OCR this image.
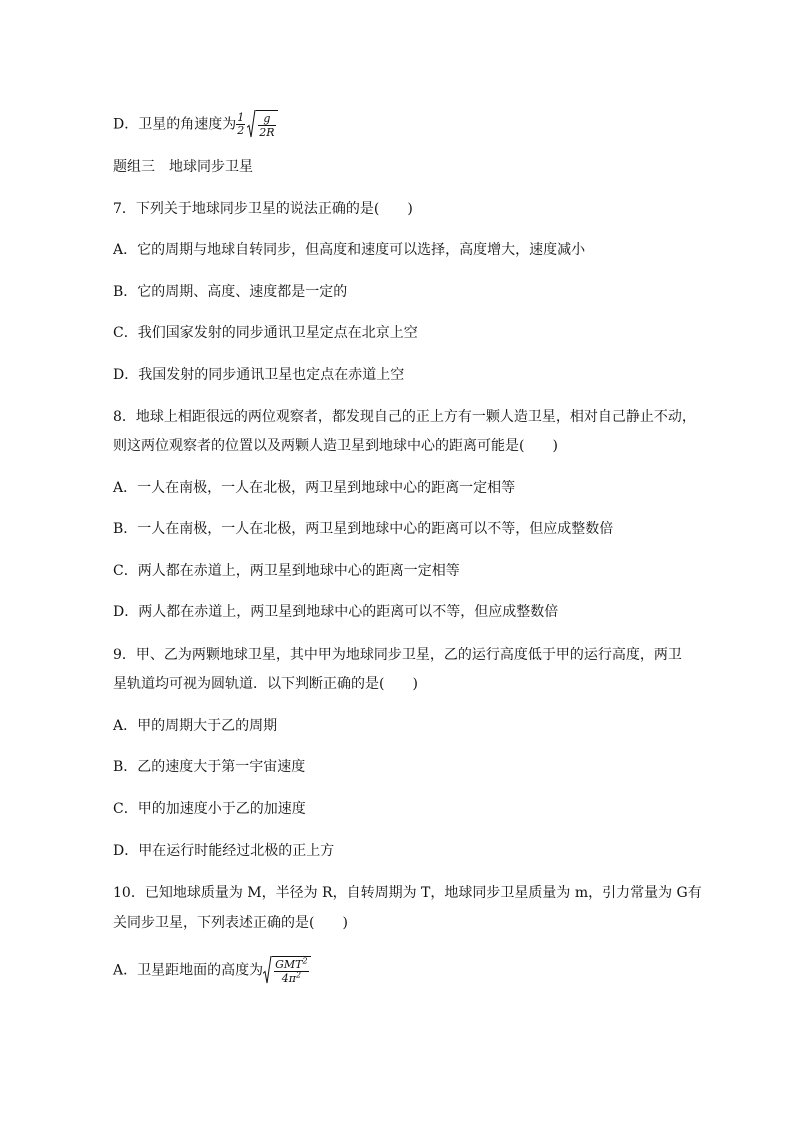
D．卫星的角速度为 $\frac{1}{2} \frac{g}{2R}$
题组三　地球同步卫星
7．下列关于地球同步卫星的说法正确的是(　　)
A．它的周期与地球自转同步，但高度和速度可以选择，高度增大，速度减小
B．它的周期、高度、速度都是一定的
C．我们国家发射的同步通讯卫星定点在北京上空
D．我国发射的同步通讯卫星也定点在赤道上空
8．地球上相距很远的两位观察者，都发现自己的正上方有一颗人造卫星，相对自己静止不动，
则这两位观察者的位置以及两颗人造卫星到地球中心的距离可能是(　　)
A．一人在南极，一人在北极，两卫星到地球中心的距离一定相等
B．一人在南极，一人在北极，两卫星到地球中心的距离可以不等，但应成整数倍
C．两人都在赤道上，两卫星到地球中心的距离一定相等
D．两人都在赤道上，两卫星到地球中心的距离可以不等，但应成整数倍
9．甲、乙为两颗地球卫星，其中甲为地球同步卫星，乙的运行高度低于甲的运行高度，两卫
星轨道均可视为圆轨道．以下判断正确的是(　　)
A．甲的周期大于乙的周期
B．乙的速度大于第一宇宙速度
C．甲的加速度小于乙的加速度
D．甲在运行时能经过北极的正上方
10．已知地球质量为 M，半径为 R，自转周期为 T，地球同步卫星质量为 m，引力常量为 G有
关同步卫星，下列表述正确的是(　　)
A．卫星距地面的高度为 $\frac{GMT^2}{4\pi^2}$
